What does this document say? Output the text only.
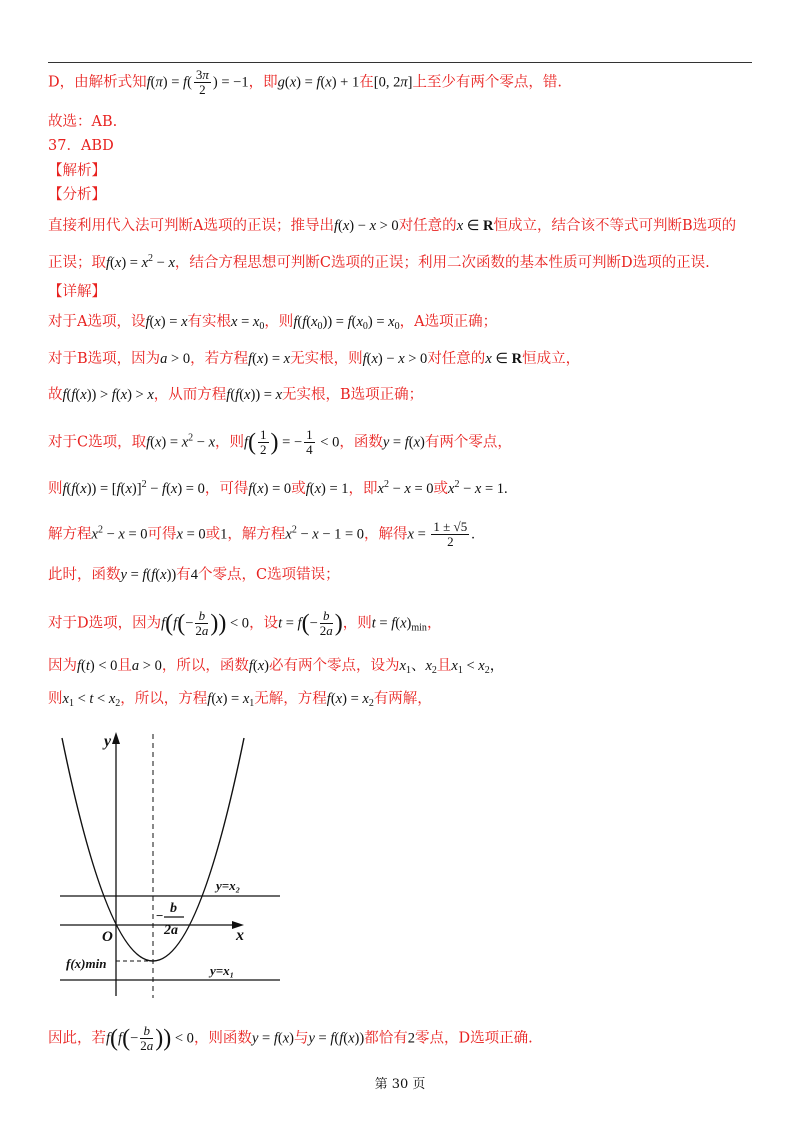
D，由解析式知$f(\pi) = f( \frac{3\pi}{2}$ ) = −1，即g(x) = f(x) + 1在[0, 2π]上至少有两个零点，错.
故选：AB.
37．ABD
【解析】
【分析】
直接利用代入法可判断A选项的正误；推导出f(x) − x > 0对任意的x ∈ R恒成立，结合该不等式可判断B选项的
正误；取$f(x) = x^2 - x$，结合方程思想可判断C选项的正误；利用二次函数的基本性质可判断D选项的正误.
【详解】
对于A选项，设f(x) = x有实根$x = x_0$，则$f(f(x_0)) = f(x_0) = x_0$，A选项正确；
对于B选项，因为a > 0，若方程f(x) = x无实根，则f(x) − x > 0对任意的x ∈ R恒成立，
故f(f(x)) > f(x) > x，从而方程f(f(x)) = x无实根，B选项正确；
对于C选项，取$f(x) = x^2 - x$，则$f( \frac{1}{2}$ ) = − $\frac{1}{4} < 0$，函数y = f(x)有两个零点，
则$f(f(x)) = [f(x)]^2 - f(x) = 0$，可得f(x) = 0或f(x) = 1，即$x^2 - x = 0$或$x^2 - x = 1$.
解方程$x^2 - x = 0$可得x = 0或1，解方程$x^2 - x - 1 = 0$，解得$x = \frac{1 \pm √5}{2}$ .
此时，函数y = f(f(x))有4个零点，C选项错误；
对于D选项，因为$f(f(- \frac{b}{2a}$ )) < 0，设$t = f(- \frac{b}{2a}$ )，则$t = f(x)_{min}$，
因为f(t) < 0且a > 0，所以，函数f(x)必有两个零点，设为$x_1$、$x_2$且$x_1 < x_2$，
则$x_1 < t < x_2$，所以，方程$f(x) = x_1$无解，方程$f(x) = x_2$有两解，
y
x
O
y=x₂
y=x₁
f(x)min
− b
2a
因此，若$f(f(- \frac{b}{2a}$ )) < 0，则函数y = f(x)与y = f(f(x))都恰有2零点，D选项正确.
第 30 页
